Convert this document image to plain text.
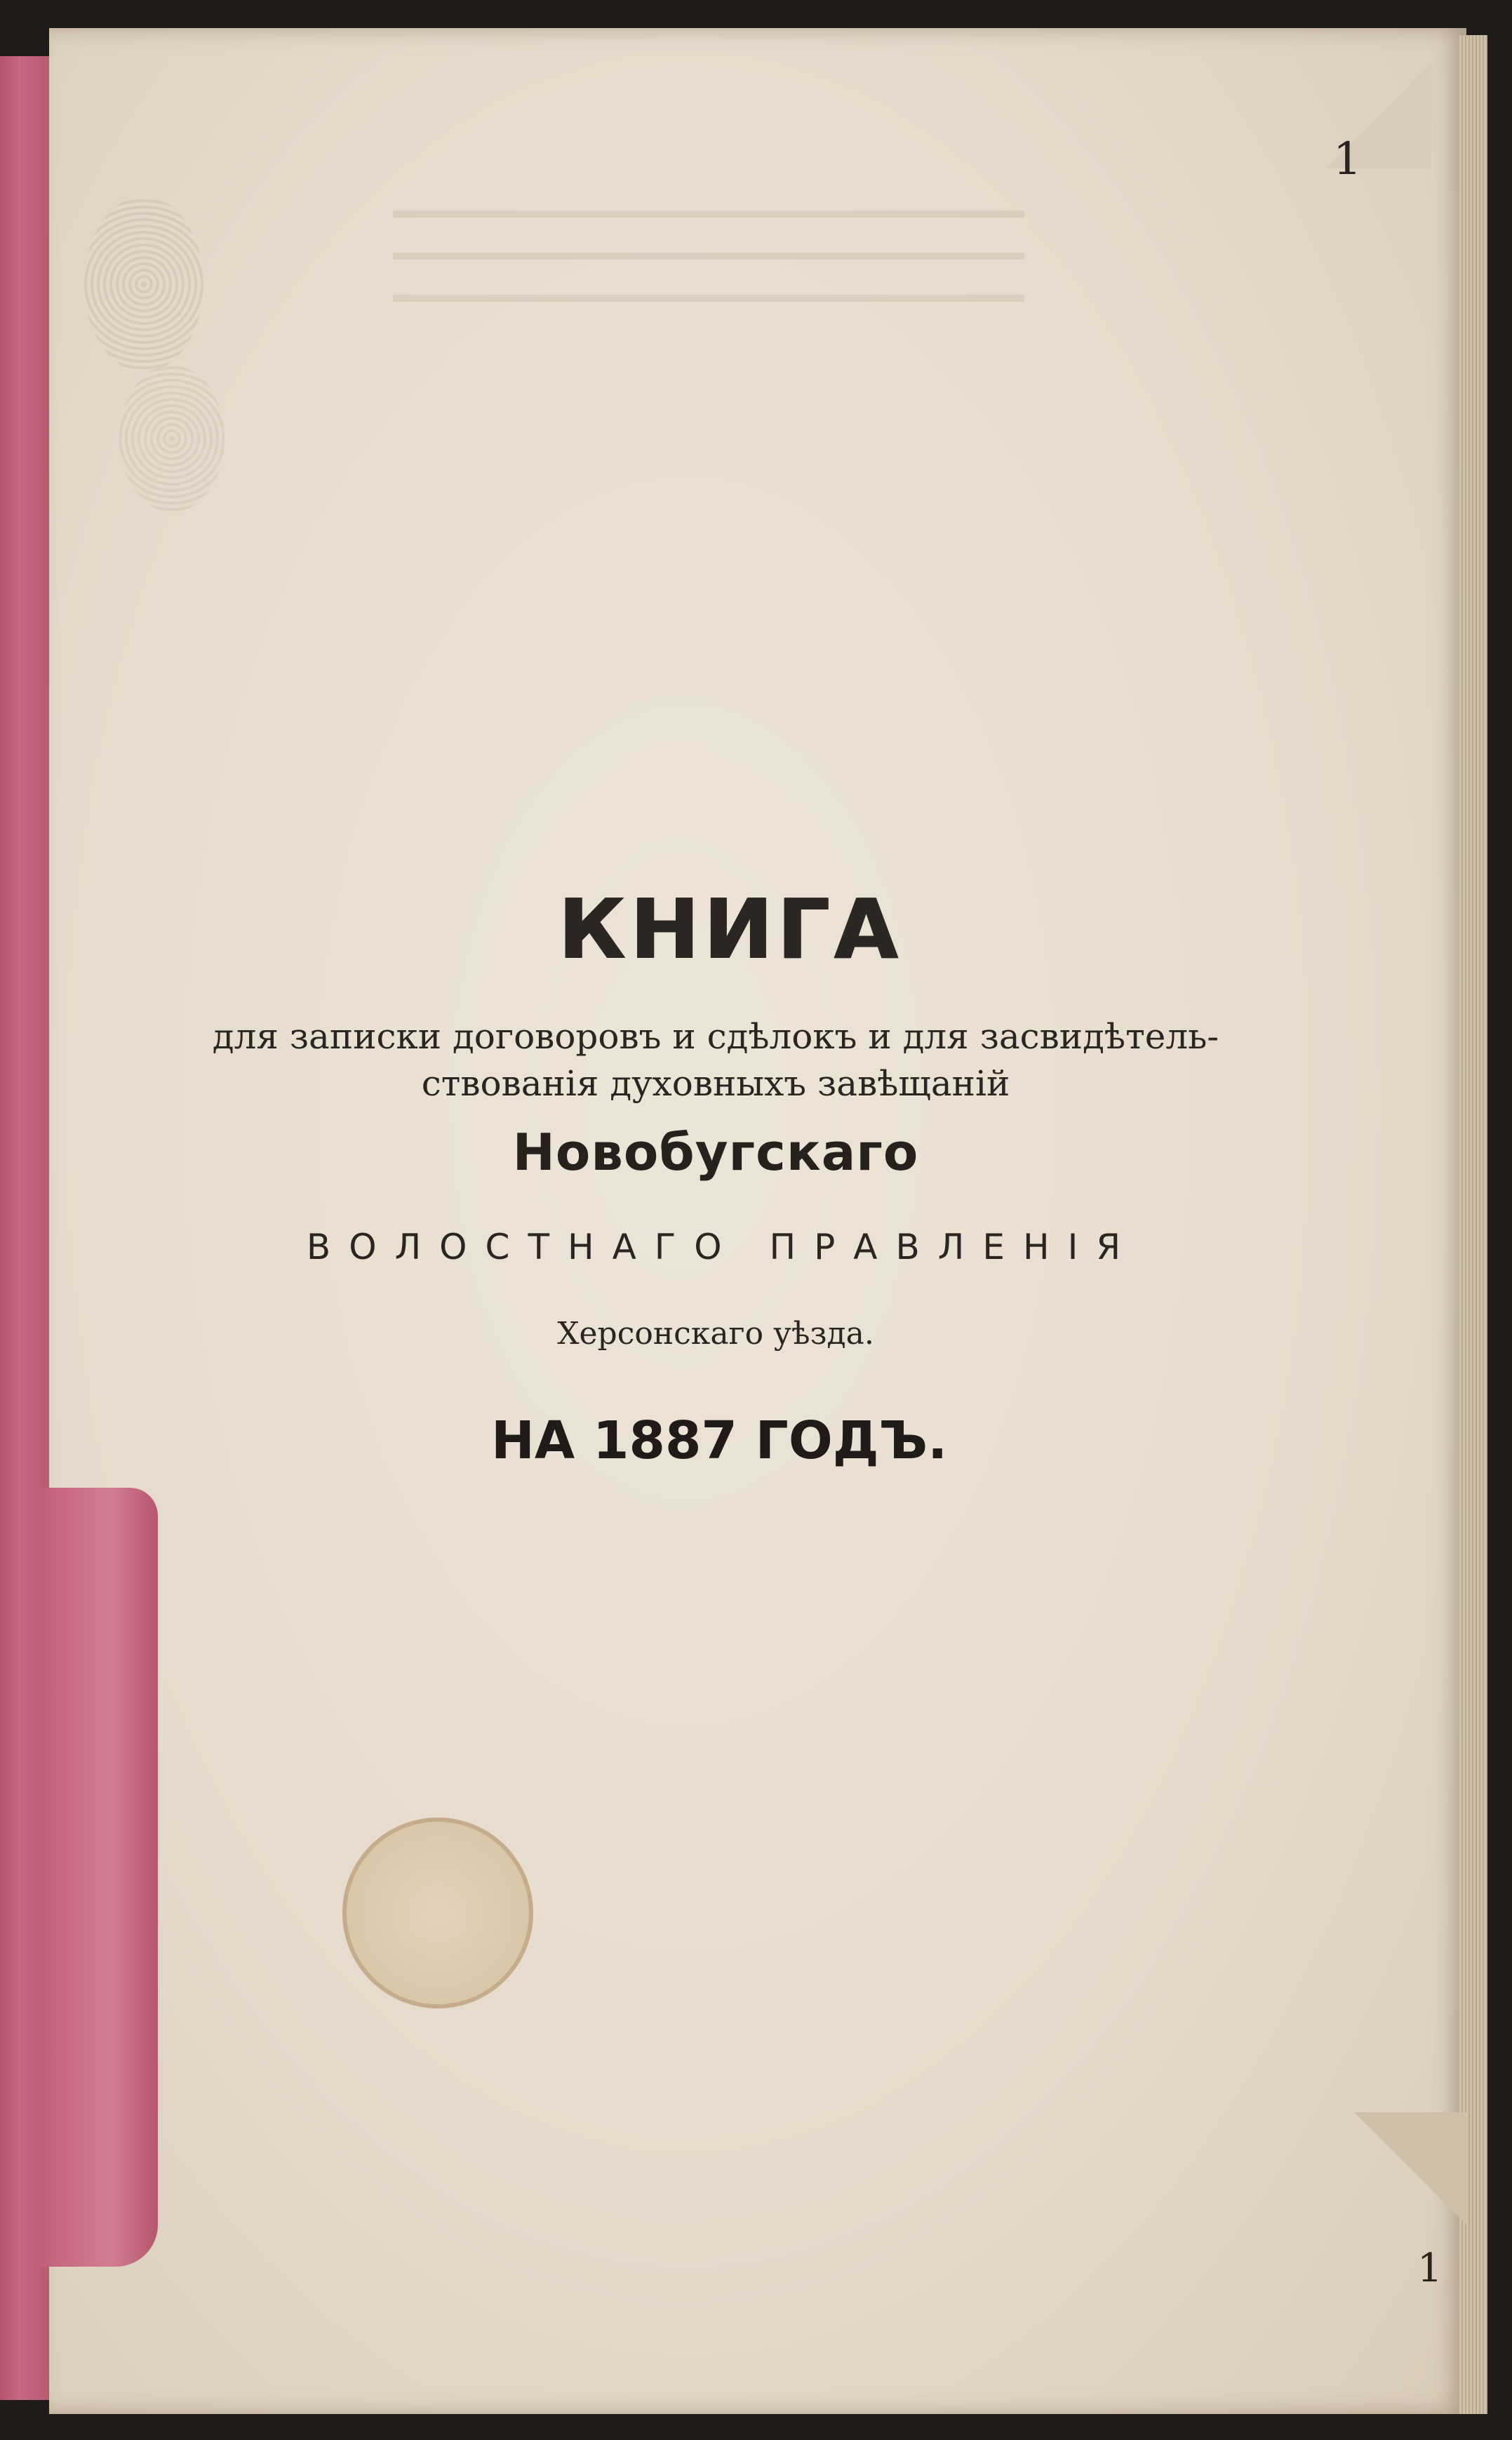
1
1
КНИГА
для записки договоровъ и сдѣлокъ и для засвидѣтель-
ствованія духовныхъ завѣщаній
Новобугскаго
ВОЛОСТНАГО ПРАВЛЕНІЯ
Херсонскаго уѣзда.
НА 1887 ГОДЪ.
